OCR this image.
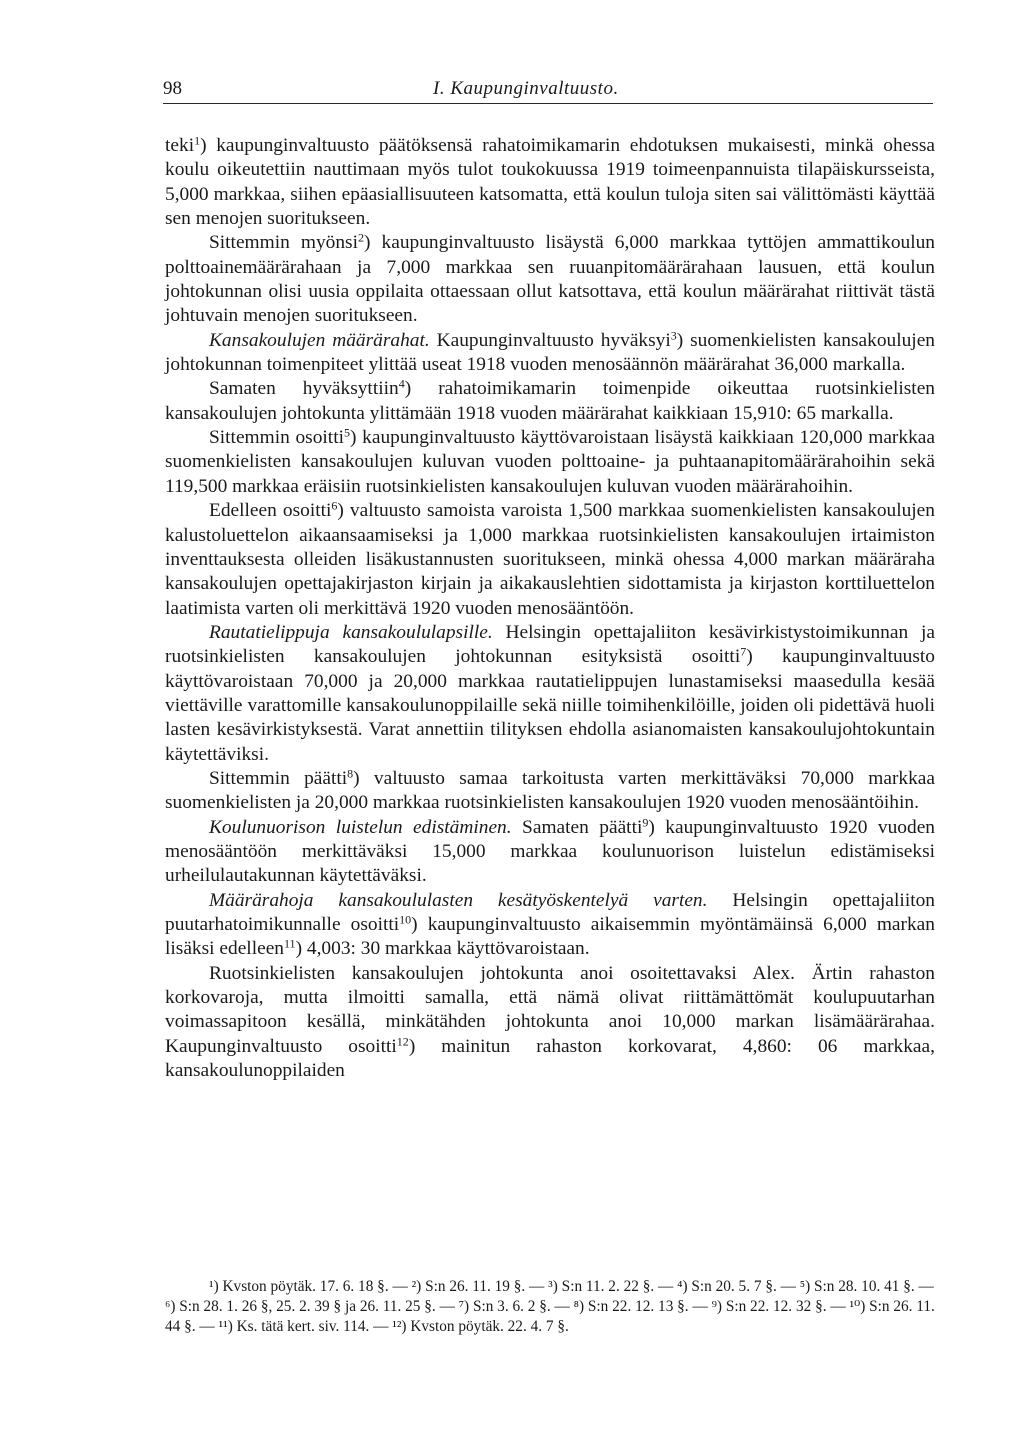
98	I. Kaupunginvaltuusto.

teki$^1$) kaupunginvaltuusto päätöksensä rahatoimikamarin ehdotuksen mukaisesti, minkä ohessa koulu oikeutettiin nauttimaan myös tulot toukokuussa 1919 toimeenpannuista tilapäiskursseista, 5,000 markkaa, siihen epäasiallisuuteen katsomatta, että koulun tuloja siten sai välittömästi käyttää sen menojen suoritukseen.

Sittemmin myönsi$^2$) kaupunginvaltuusto lisäystä 6,000 markkaa tyttöjen ammattikoulun polttoainemäärärahaan ja 7,000 markkaa sen ruuanpitomäärärahaan lausuen, että koulun johtokunnan olisi uusia oppilaita ottaessaan ollut katsottava, että koulun määrärahat riittivät tästä johtuvain menojen suoritukseen.

Kansakoulujen määrärahat. Kaupunginvaltuusto hyväksyi$^3$) suomenkielisten kansakoulujen johtokunnan toimenpiteet ylittää useat 1918 vuoden menosäännön määrärahat 36,000 markalla.

Samaten hyväksyttiin$^4$) rahatoimikamarin toimenpide oikeuttaa ruotsinkielisten kansakoulujen johtokunta ylittämään 1918 vuoden määrärahat kaikkiaan 15,910: 65 markalla.

Sittemmin osoitti$^5$) kaupunginvaltuusto käyttövaroistaan lisäystä kaikkiaan 120,000 markkaa suomenkielisten kansakoulujen kuluvan vuoden polttoaine- ja puhtaanapitomäärärahoihin sekä 119,500 markkaa eräisiin ruotsinkielisten kansakoulujen kuluvan vuoden määrärahoihin.

Edelleen osoitti$^6$) valtuusto samoista varoista 1,500 markkaa suomenkielisten kansakoulujen kalustoluettelon aikaansaamiseksi ja 1,000 markkaa ruotsinkielisten kansakoulujen irtaimiston inventtauksesta olleiden lisäkustannusten suoritukseen, minkä ohessa 4,000 markan määräraha kansakoulujen opettajakirjaston kirjain ja aikakauslehtien sidottamista ja kirjaston korttiluettelon laatimista varten oli merkittävä 1920 vuoden menosääntöön.

Rautatielippuja kansakoululapsille. Helsingin opettajaliiton kesävirkistystoimikunnan ja ruotsinkielisten kansakoulujen johtokunnan esityksistä osoitti$^7$) kaupunginvaltuusto käyttövaroistaan 70,000 ja 20,000 markkaa rautatielippujen lunastamiseksi maasedulla kesää viettäville varattomille kansakoulunoppilaille sekä niille toimihenkilöille, joiden oli pidettävä huoli lasten kesävirkistyksestä. Varat annettiin tilityksen ehdolla asianomaisten kansakoulujohtokuntain käytettäviksi.

Sittemmin päätti$^8$) valtuusto samaa tarkoitusta varten merkittäväksi 70,000 markkaa suomenkielisten ja 20,000 markkaa ruotsinkielisten kansakoulujen 1920 vuoden menosääntöihin.

Koulunuorison luistelun edistäminen. Samaten päätti$^9$) kaupunginvaltuusto 1920 vuoden menosääntöön merkittäväksi 15,000 markkaa koulunuorison luistelun edistämiseksi urheilulautakunnan käytettäväksi.

Määrärahoja kansakoululasten kesätyöskentelyä varten. Helsingin opettajaliiton puutarhatoimikunnalle osoitti$^{10}$) kaupunginvaltuusto aikaisemmin myöntämäinsä 6,000 markan lisäksi edelleen$^{11}$) 4,003: 30 markkaa käyttövaroistaan.

Ruotsinkielisten kansakoulujen johtokunta anoi osoitettavaksi Alex. Ärtin rahaston korkovaroja, mutta ilmoitti samalla, että nämä olivat riittämättömät koulupuutarhan voimassapitoon kesällä, minkätähden johtokunta anoi 10,000 markan lisämäärärahaa. Kaupunginvaltuusto osoitti$^{12}$) mainitun rahaston korkovarat, 4,860: 06 markkaa, kansakoulunoppilaiden

¹) Kvston pöytäk. 17. 6. 18 §. — ²) S:n 26. 11. 19 §. — ³) S:n 11. 2. 22 §. — ⁴) S:n 20. 5. 7 §. — ⁵) S:n 28. 10. 41 §. — ⁶) S:n 28. 1. 26 §, 25. 2. 39 § ja 26. 11. 25 §. — ⁷) S:n 3. 6. 2 §. — ⁸) S:n 22. 12. 13 §. — ⁹) S:n 22. 12. 32 §. — ¹⁰) S:n 26. 11. 44 §. — ¹¹) Ks. tätä kert. siv. 114. — ¹²) Kvston pöytäk. 22. 4. 7 §.
